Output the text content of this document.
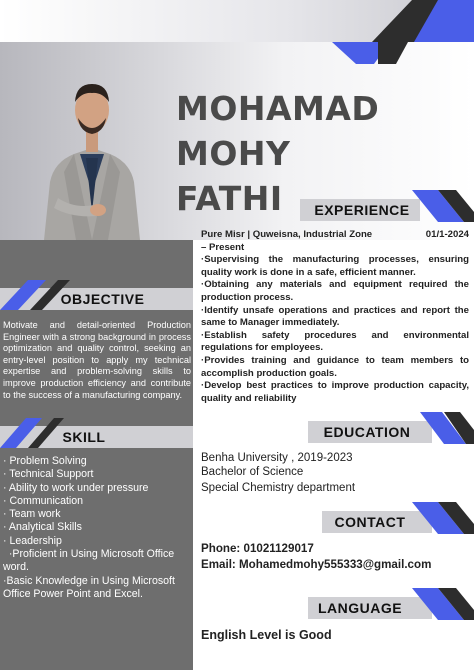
MOHAMAD MOHY
FATHI	EXPERIENCE
Pure Misr | Quweisna, Industrial Zone	01/1-2024
– Present
·Supervising the manufacturing processes, ensuring quality work is done in a safe, efficient manner.
·Obtaining any materials and equipment required the production process.
·Identify unsafe operations and practices and report the same to Manager immediately.
·Establish safety procedures and environmental regulations for employees.
·Provides training and guidance to team members to accomplish production goals.
·Develop best practices to improve production capacity, quality and reliability
OBJECTIVE
Motivate and detail-oriented Production Engineer with a strong background in process optimization and quality control, seeking an entry-level position to apply my technical expertise and problem-solving skills to improve production efficiency and contribute to the success of a manufacturing company.
SKILL
· Problem Solving
· Technical Support
· Ability to work under pressure
· Communication
· Team work
· Analytical Skills
· Leadership
·Proficient in Using Microsoft Office word.
·Basic Knowledge in Using Microsoft Office Power Point and Excel.
EDUCATION
Benha University , 2019-2023
Bachelor of Science
Special Chemistry department
CONTACT
Phone: 01021129017
Email: Mohamedmohy555333@gmail.com
LANGUAGE
English Level is Good
